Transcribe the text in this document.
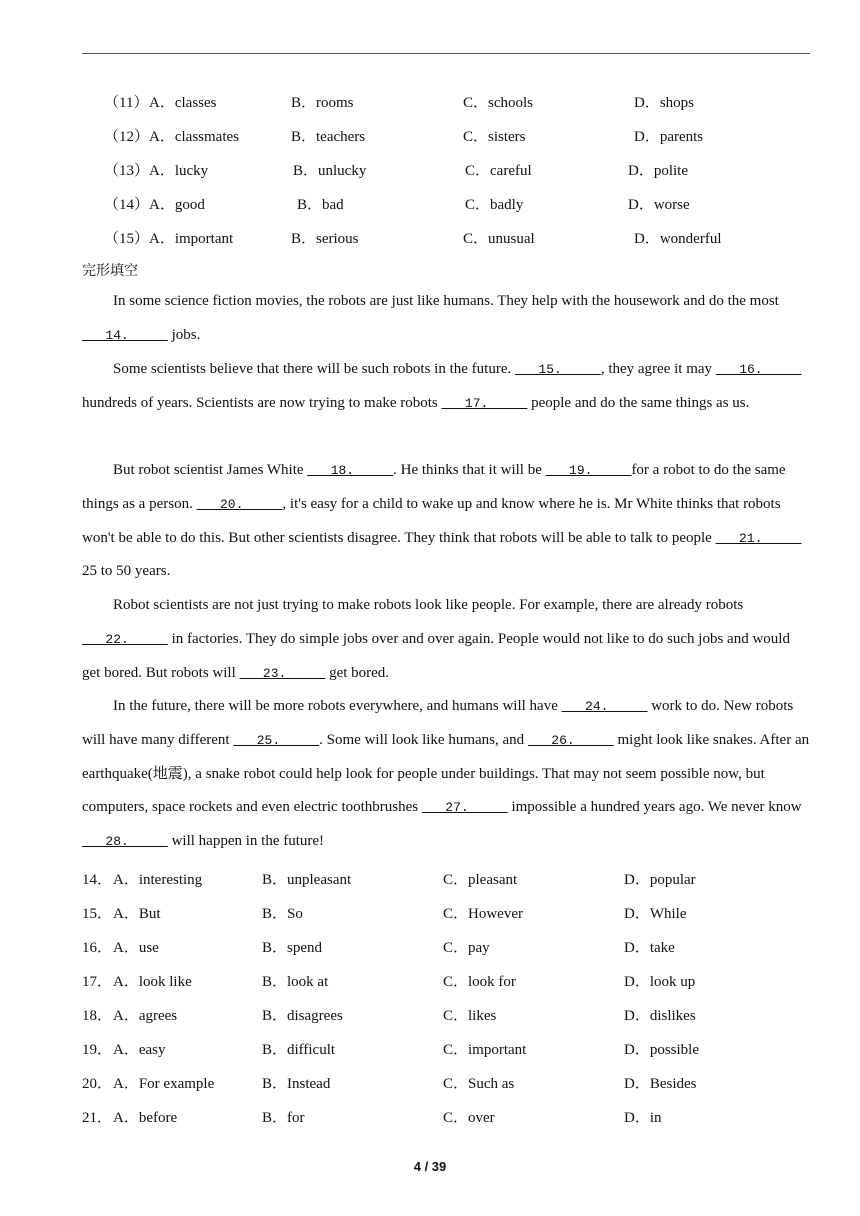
（11） A．classes	B．rooms	C．schools	D．shops
（12） A．classmates	B．teachers	C．sisters	D．parents
（13） A．lucky	B．unlucky	C．careful	D．polite
（14） A．good	B．bad	C．badly	D．worse
（15） A．important	B．serious	C．unusual	D．wonderful
完形填空
In some science fiction movies, the robots are just like humans. They help with the housework and do the most    14.      jobs.
Some scientists believe that there will be such robots in the future.    15.     , they agree it may    16.      hundreds of years. Scientists are now trying to make robots    17.      people and do the same things as us.
But robot scientist James White    18.     . He thinks that it will be    19.     for a robot to do the same things as a person.    20.     , it's easy for a child to wake up and know where he is. Mr White thinks that robots won't be able to do this. But other scientists disagree. They think that robots will be able to talk to people    21.      25 to 50 years.
Robot scientists are not just trying to make robots look like people. For example, there are already robots    22.      in factories. They do simple jobs over and over again. People would not like to do such jobs and would get bored. But robots will    23.      get bored.
In the future, there will be more robots everywhere, and humans will have    24.      work to do. New robots will have many different    25.     . Some will look like humans, and    26.      might look like snakes. After an earthquake(地震), a snake robot could help look for people under buildings. That may not seem possible now, but computers, space rockets and even electric toothbrushes    27.      impossible a hundred years ago. We never know    28.      will happen in the future!
14． A．interesting	B．unpleasant	C．pleasant	D．popular
15． A．But	B．So	C．However	D．While
16． A．use	B．spend	C．pay	D．take
17． A．look like	B．look at	C．look for	D．look up
18． A．agrees	B．disagrees	C．likes	D．dislikes
19． A．easy	B．difficult	C．important	D．possible
20． A．For example	B．Instead	C．Such as	D．Besides
21． A．before	B．for	C．over	D．in
4 / 39
